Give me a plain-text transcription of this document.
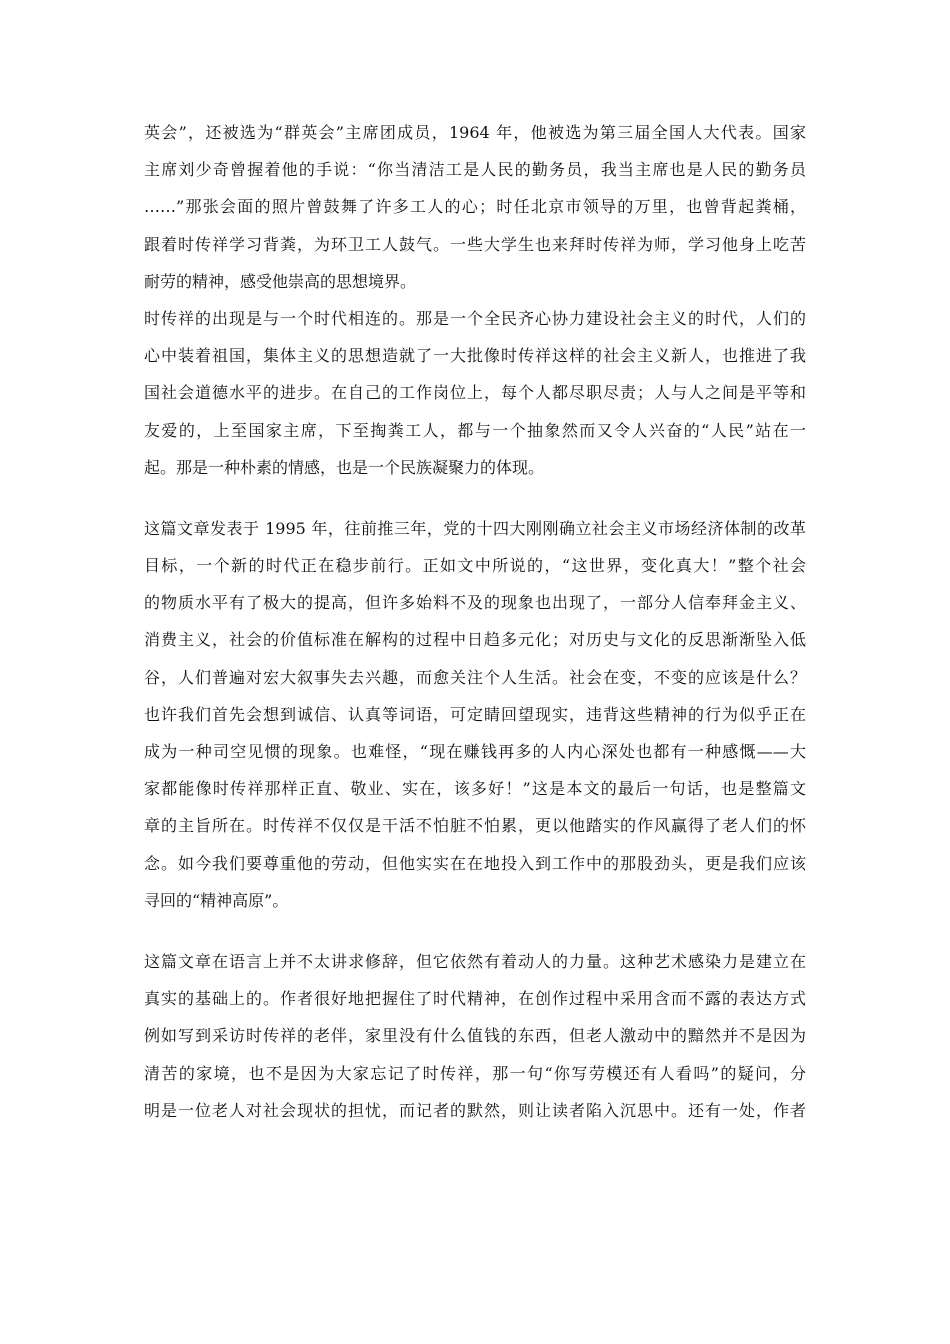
英会”，还被选为“群英会”主席团成员，1964 年，他被选为第三届全国人大代表。国家
主席刘少奇曾握着他的手说：“你当清洁工是人民的勤务员，我当主席也是人民的勤务员
……”那张会面的照片曾鼓舞了许多工人的心；时任北京市领导的万里，也曾背起粪桶，
跟着时传祥学习背粪，为环卫工人鼓气。一些大学生也来拜时传祥为师，学习他身上吃苦
耐劳的精神，感受他崇高的思想境界。
时传祥的出现是与一个时代相连的。那是一个全民齐心协力建设社会主义的时代，人们的
心中装着祖国，集体主义的思想造就了一大批像时传祥这样的社会主义新人，也推进了我
国社会道德水平的进步。在自己的工作岗位上，每个人都尽职尽责；人与人之间是平等和
友爱的，上至国家主席，下至掏粪工人，都与一个抽象然而又令人兴奋的“人民”站在一
起。那是一种朴素的情感，也是一个民族凝聚力的体现。
这篇文章发表于 1995 年，往前推三年，党的十四大刚刚确立社会主义市场经济体制的改革
目标，一个新的时代正在稳步前行。正如文中所说的，“这世界，变化真大！”整个社会
的物质水平有了极大的提高，但许多始料不及的现象也出现了，一部分人信奉拜金主义、
消费主义，社会的价值标准在解构的过程中日趋多元化；对历史与文化的反思渐渐坠入低
谷，人们普遍对宏大叙事失去兴趣，而愈关注个人生活。社会在变，不变的应该是什么？
也许我们首先会想到诚信、认真等词语，可定睛回望现实，违背这些精神的行为似乎正在
成为一种司空见惯的现象。也难怪，“现在赚钱再多的人内心深处也都有一种感慨——大
家都能像时传祥那样正直、敬业、实在，该多好！”这是本文的最后一句话，也是整篇文
章的主旨所在。时传祥不仅仅是干活不怕脏不怕累，更以他踏实的作风赢得了老人们的怀
念。如今我们要尊重他的劳动，但他实实在在地投入到工作中的那股劲头，更是我们应该
寻回的“精神高原”。
这篇文章在语言上并不太讲求修辞，但它依然有着动人的力量。这种艺术感染力是建立在
真实的基础上的。作者很好地把握住了时代精神，在创作过程中采用含而不露的表达方式
例如写到采访时传祥的老伴，家里没有什么值钱的东西，但老人激动中的黯然并不是因为
清苦的家境，也不是因为大家忘记了时传祥，那一句“你写劳模还有人看吗”的疑问，分
明是一位老人对社会现状的担忧，而记者的默然，则让读者陷入沉思中。还有一处，作者
